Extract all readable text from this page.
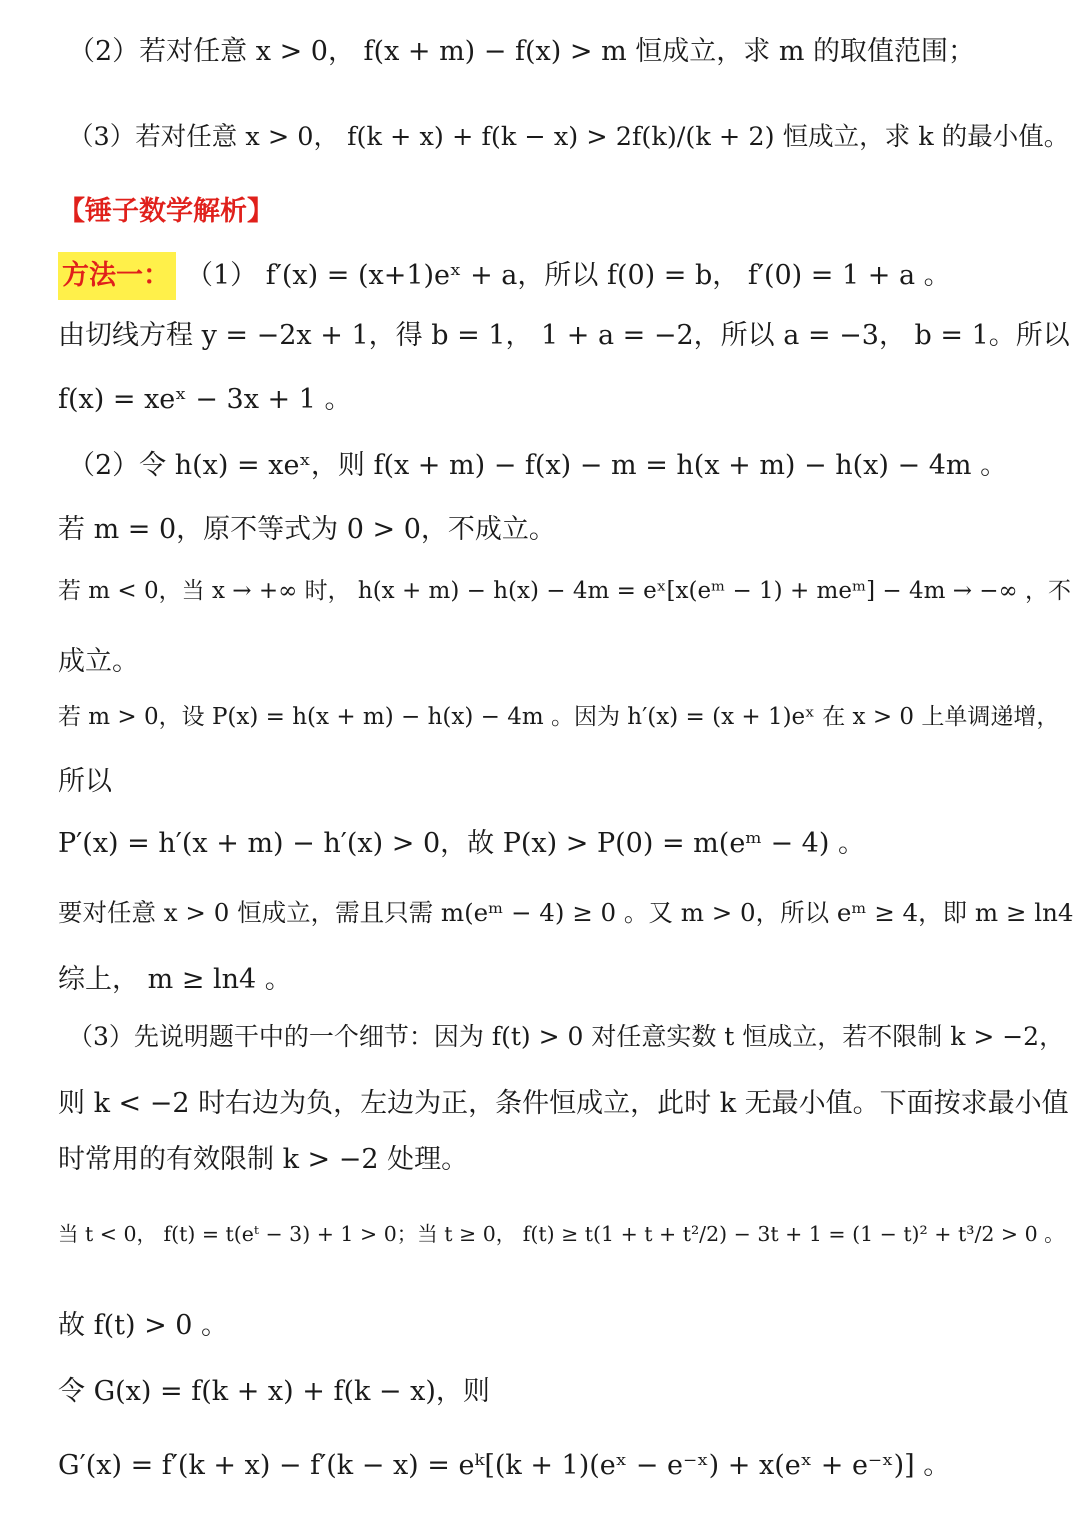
（2）若对任意 x > 0， f(x + m) − f(x) > m 恒成立，求 m 的取值范围；
（3）若对任意 x > 0， f(k + x) + f(k − x) > 2f(k)/(k + 2) 恒成立，求 k 的最小值。
【锤子数学解析】
方法一： （1） f′(x) = (x+1)eˣ + a，所以 f(0) = b， f′(0) = 1 + a 。
由切线方程 y = −2x + 1，得 b = 1， 1 + a = −2，所以 a = −3， b = 1。所以
f(x) = xeˣ − 3x + 1 。
（2）令 h(x) = xeˣ，则 f(x + m) − f(x) − m = h(x + m) − h(x) − 4m 。
若 m = 0，原不等式为 0 > 0，不成立。
若 m < 0，当 x → +∞ 时， h(x + m) − h(x) − 4m = eˣ[x(eᵐ − 1) + meᵐ] − 4m → −∞ ，不
成立。
若 m > 0，设 P(x) = h(x + m) − h(x) − 4m 。因为 h′(x) = (x + 1)eˣ 在 x > 0 上单调递增，
所以
P′(x) = h′(x + m) − h′(x) > 0，故 P(x) > P(0) = m(eᵐ − 4) 。
要对任意 x > 0 恒成立，需且只需 m(eᵐ − 4) ≥ 0 。又 m > 0，所以 eᵐ ≥ 4，即 m ≥ ln4
综上， m ≥ ln4 。
（3）先说明题干中的一个细节：因为 f(t) > 0 对任意实数 t 恒成立，若不限制 k > −2，
则 k < −2 时右边为负，左边为正，条件恒成立，此时 k 无最小值。下面按求最小值
时常用的有效限制 k > −2 处理。
当 t < 0， f(t) = t(eᵗ − 3) + 1 > 0；当 t ≥ 0， f(t) ≥ t(1 + t + t²/2) − 3t + 1 = (1 − t)² + t³/2 > 0 。
故 f(t) > 0 。
令 G(x) = f(k + x) + f(k − x)，则
G′(x) = f′(k + x) − f′(k − x) = eᵏ[(k + 1)(eˣ − e⁻ˣ) + x(eˣ + e⁻ˣ)] 。
